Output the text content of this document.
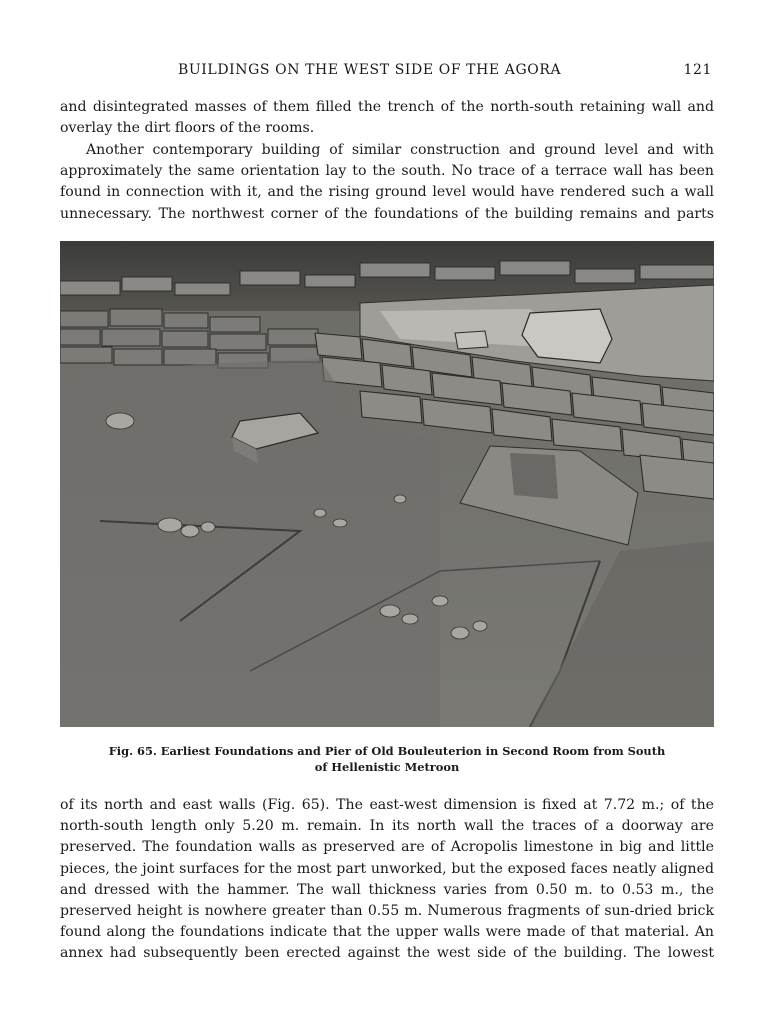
BUILDINGS ON THE WEST SIDE OF THE AGORA	121
and disintegrated masses of them filled the trench of the north-south retaining wall and
overlay the dirt floors of the rooms.
Another contemporary building of similar construction and ground level and with
approximately the same orientation lay to the south. No trace of a terrace wall has been
found in connection with it, and the rising ground level would have rendered such a wall
unnecessary. The northwest corner of the foundations of the building remains and parts
Fig. 65. Earliest Foundations and Pier of Old Bouleuterion in Second Room from South
of Hellenistic Metroon
of its north and east walls (Fig. 65). The east-west dimension is fixed at 7.72 m.; of the
north-south length only 5.20 m. remain. In its north wall the traces of a doorway are
preserved. The foundation walls as preserved are of Acropolis limestone in big and little
pieces, the joint surfaces for the most part unworked, but the exposed faces neatly aligned
and dressed with the hammer. The wall thickness varies from 0.50 m. to 0.53 m., the
preserved height is nowhere greater than 0.55 m. Numerous fragments of sun-dried brick
found along the foundations indicate that the upper walls were made of that material. An
annex had subsequently been erected against the west side of the building. The lowest
